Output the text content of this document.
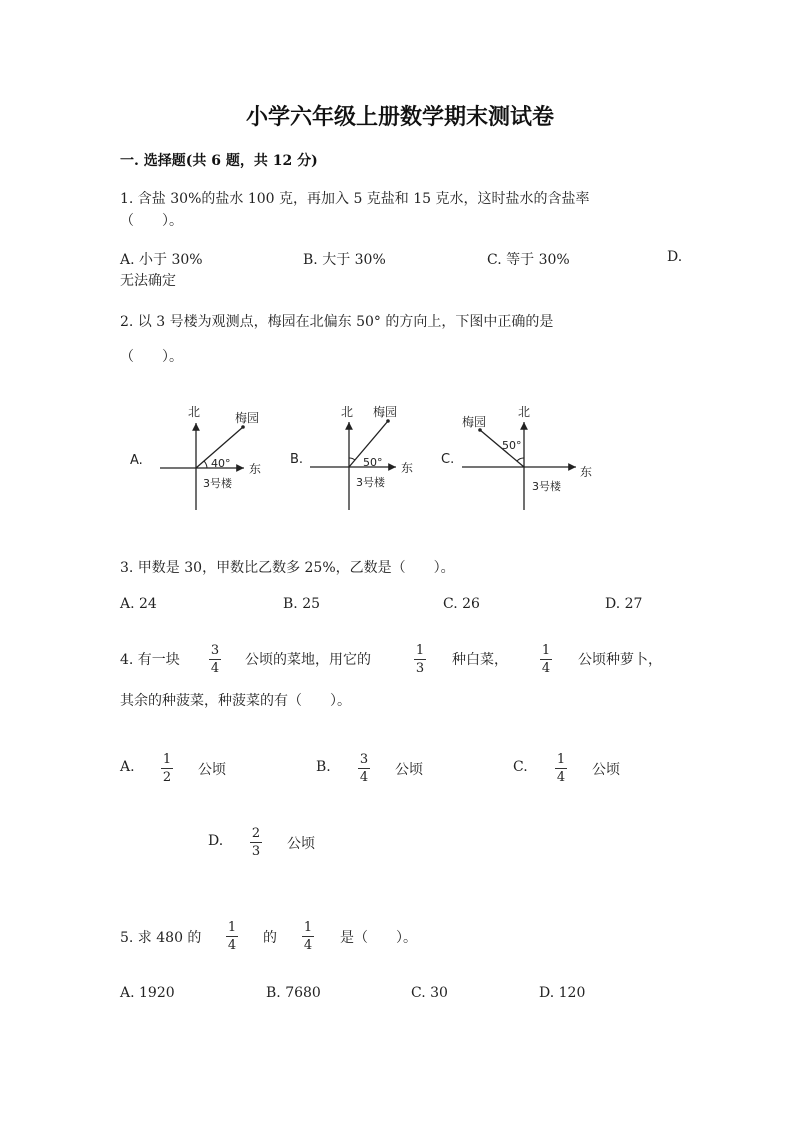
小学六年级上册数学期末测试卷
一. 选择题(共 6 题，共 12 分)
1. 含盐 30%的盐水 100 克，再加入 5 克盐和 15 克水，这时盐水的含盐率
（　　）。
A. 小于 30%	B. 大于 30%	C. 等于 30%	D.
无法确定
2. 以 3 号楼为观测点，梅园在北偏东 50° 的方向上，下图中正确的是
（　　）。
A.
北	梅园
东
40°
3号楼
B.
北 梅园
东
50°
3号楼
C.
北
梅园
东
50°
3号楼
3. 甲数是 30，甲数比乙数多 25%，乙数是（　　）。
A. 24	B. 25	C. 26	D. 27
4. 有一块
3
4
公顷的菜地，用它的
1
3
种白菜，
1
4
公顷种萝卜，
其余的种菠菜，种菠菜的有（　　）。
A. 1
2 公顷	B. 3
4 公顷	C. 1
4 公顷
D. 2
3 公顷
5. 求 480 的
1
4 的
1
4 是（　　）。
A. 1920	B. 7680	C. 30	D. 120
